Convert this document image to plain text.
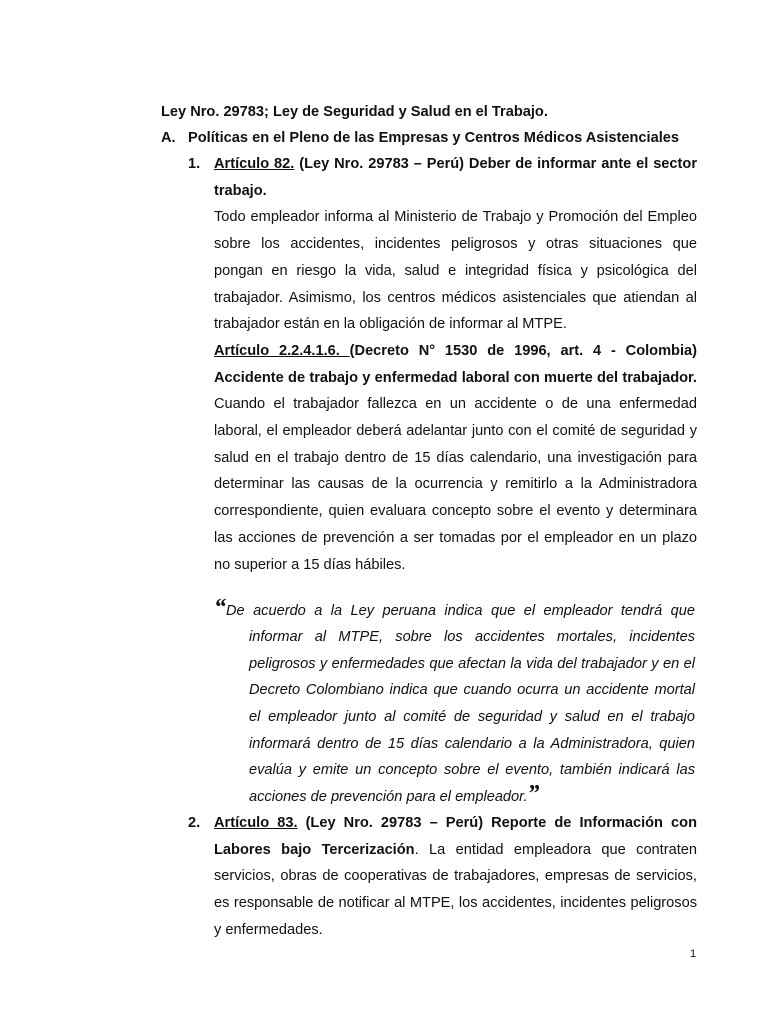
Ley Nro. 29783; Ley de Seguridad y Salud en el Trabajo.

A. Políticas en el Pleno de las Empresas y Centros Médicos Asistenciales

1. Artículo 82. (Ley Nro. 29783 – Perú) Deber de informar ante el sector trabajo.

Todo empleador informa al Ministerio de Trabajo y Promoción del Empleo sobre los accidentes, incidentes peligrosos y otras situaciones que pongan en riesgo la vida, salud e integridad física y psicológica del trabajador. Asimismo, los centros médicos asistenciales que atiendan al trabajador están en la obligación de informar al MTPE.

Artículo 2.2.4.1.6. (Decreto N° 1530 de 1996, art. 4 - Colombia) Accidente de trabajo y enfermedad laboral con muerte del trabajador. Cuando el trabajador fallezca en un accidente o de una enfermedad laboral, el empleador deberá adelantar junto con el comité de seguridad y salud en el trabajo dentro de 15 días calendario, una investigación para determinar las causas de la ocurrencia y remitirlo a la Administradora correspondiente, quien evaluara concepto sobre el evento y determinara las acciones de prevención a ser tomadas por el empleador en un plazo no superior a 15 días hábiles.

“De acuerdo a la Ley peruana indica que el empleador tendrá que informar al MTPE, sobre los accidentes mortales, incidentes peligrosos y enfermedades que afectan la vida del trabajador y en el Decreto Colombiano indica que cuando ocurra un accidente mortal el empleador junto al comité de seguridad y salud en el trabajo informará dentro de 15 días calendario a la Administradora, quien evalúa y emite un concepto sobre el evento, también indicará las acciones de prevención para el empleador.”

2. Artículo 83. (Ley Nro. 29783 – Perú) Reporte de Información con Labores bajo Tercerización. La entidad empleadora que contraten servicios, obras de cooperativas de trabajadores, empresas de servicios, es responsable de notificar al MTPE, los accidentes, incidentes peligrosos y enfermedades.

1
